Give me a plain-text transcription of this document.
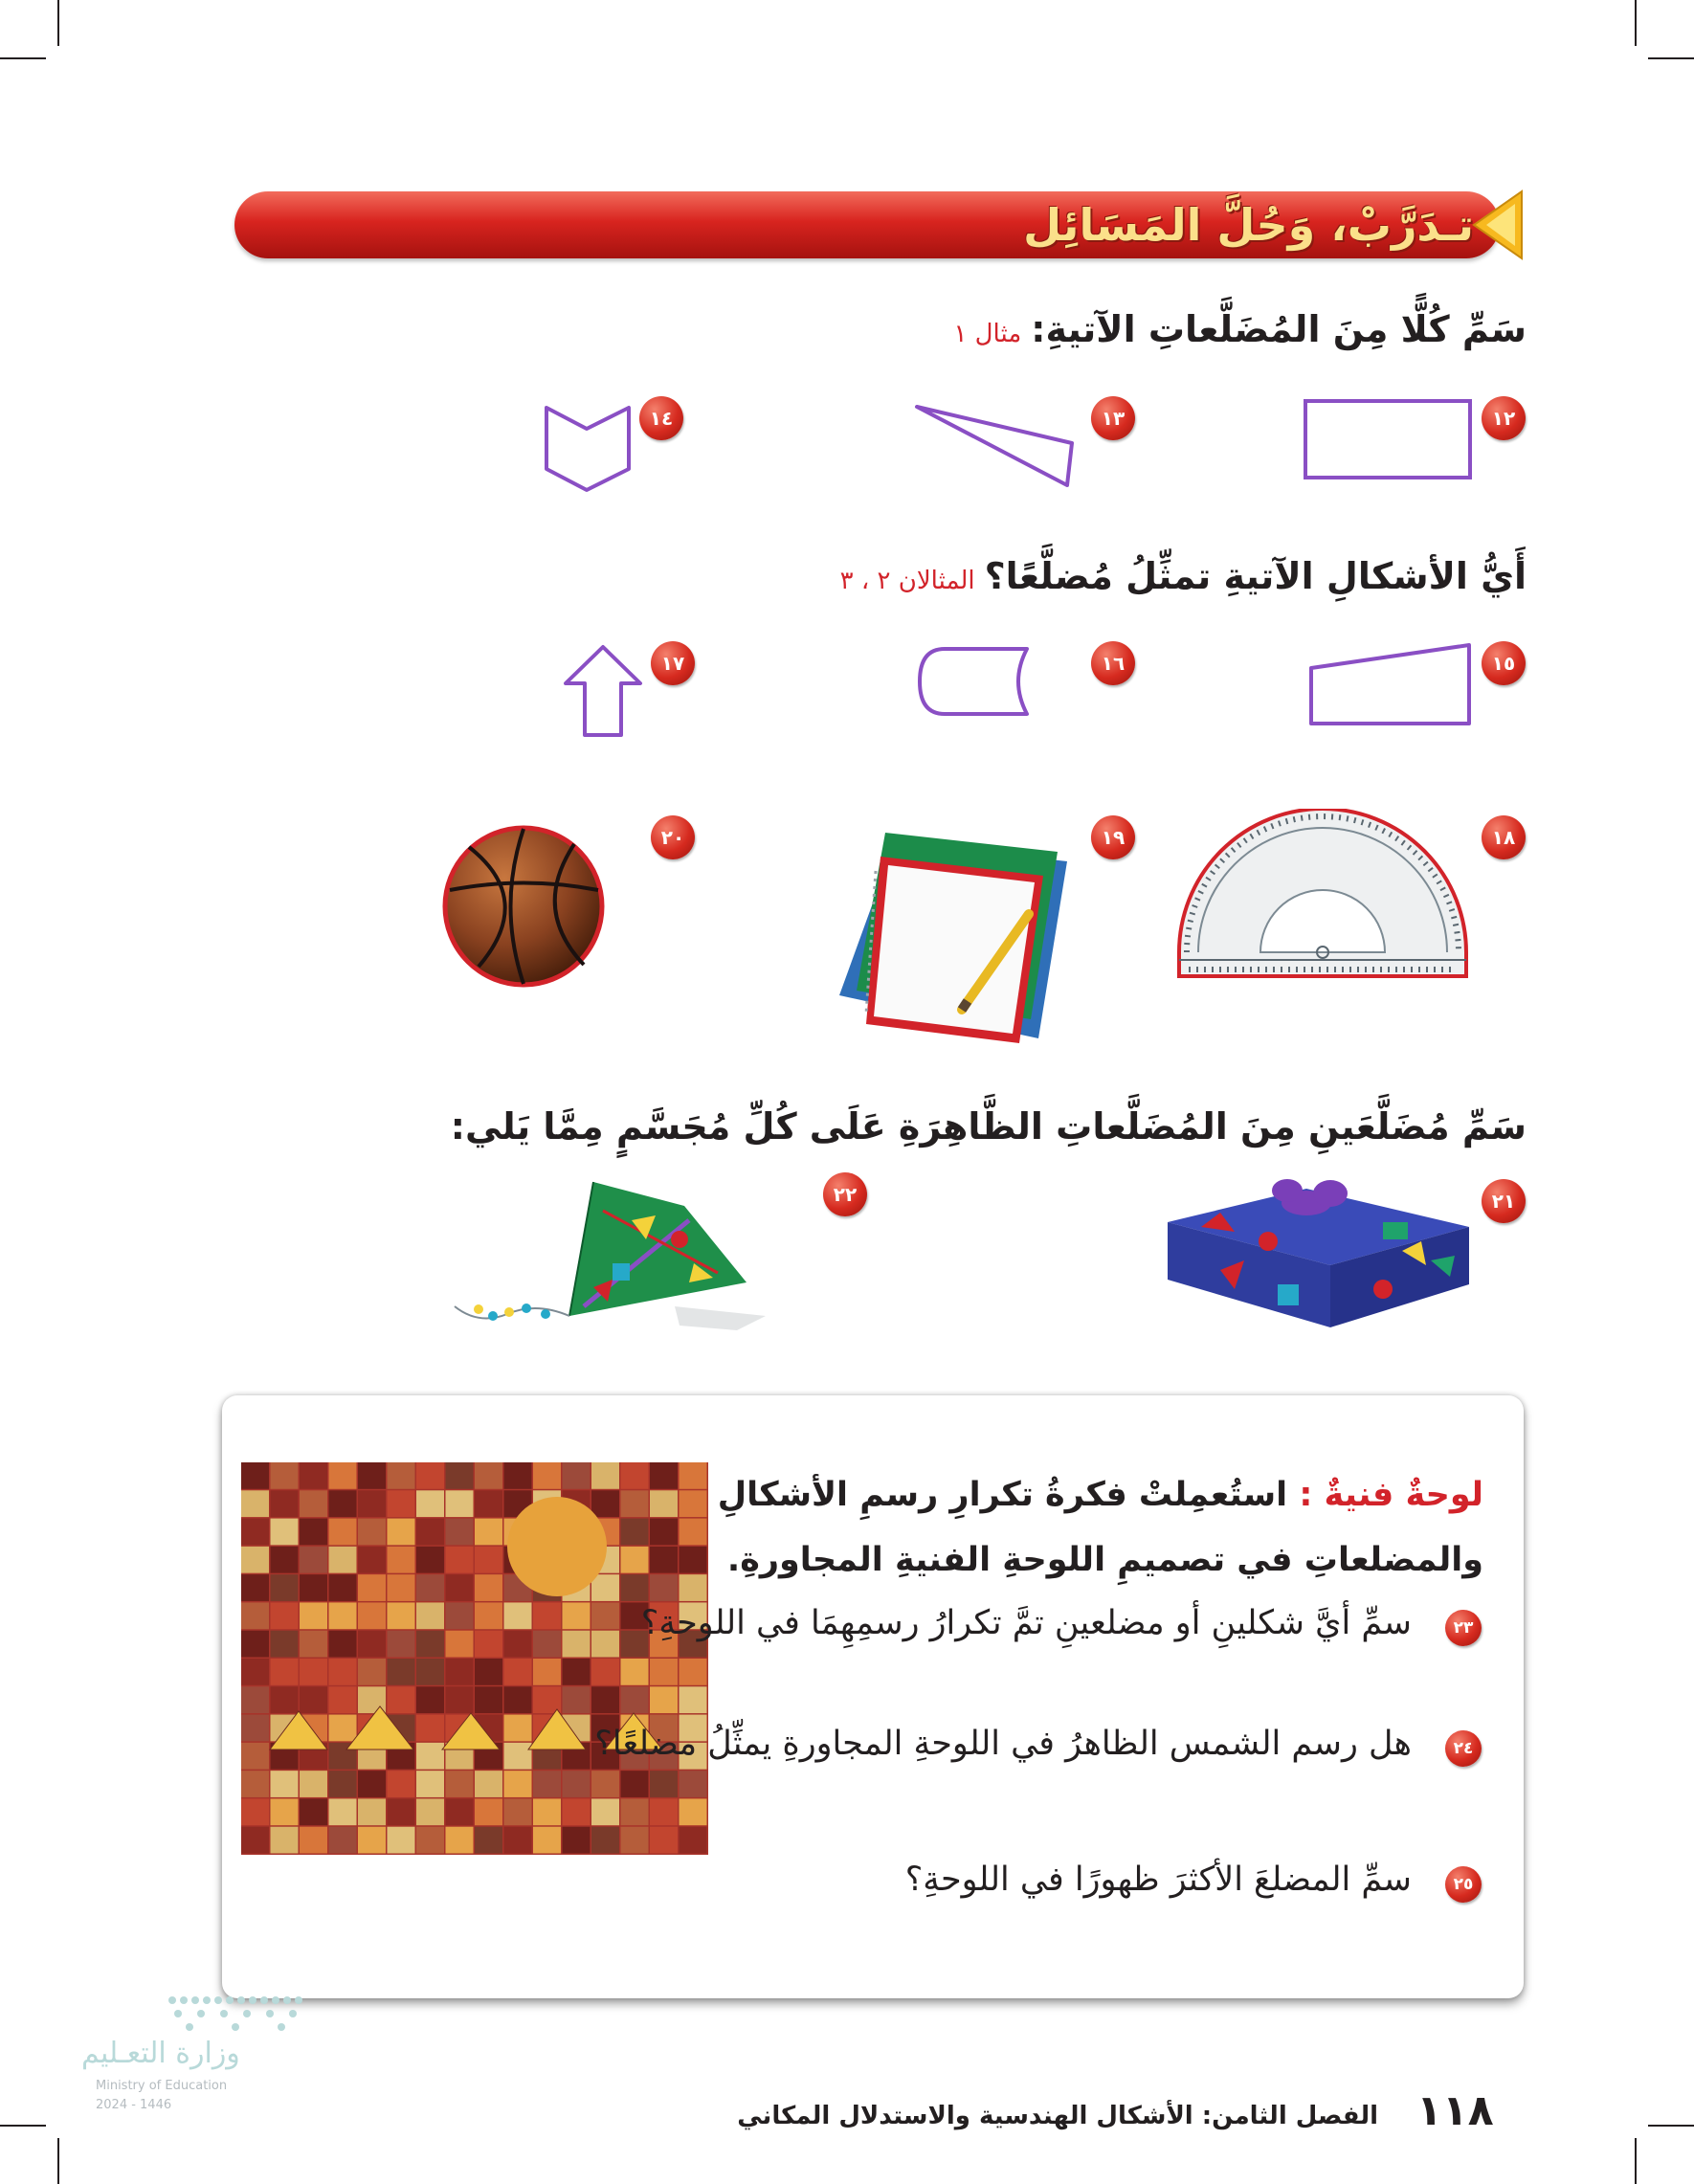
تـدَرَّبْ، وَحُلَّ المَسَائِل
سَمِّ كُلًّا مِنَ المُضَلَّعاتِ الآتيةِ:مثال ١
١٢
١٣
١٤
أَيُّ الأشكالِ الآتيةِ تمثِّلُ مُضلَّعًا؟المثالان ٢ ، ٣
١٥
١٦
١٧
١٨
١٩
٢٠
سَمِّ مُضَلَّعَينِ مِنَ المُضَلَّعاتِ الظَّاهِرَةِ عَلَى كُلِّ مُجَسَّمٍ مِمَّا يَلي:
٢١
٢٢
لوحةٌ فنيةٌ : استُعمِلتْ فكرةُ تكرارِ رسمِ الأشكالِ
والمضلعاتِ في تصميمِ اللوحةِ الفنيةِ المجاورةِ.
٢٣
سمِّ أيَّ شكلينِ أو مضلعينِ تمَّ تكرارُ رسمِهِمَا في اللوحةِ؟
٢٤
هل رسم الشمس الظاهرُ في اللوحةِ المجاورةِ يمثِّلُ مضلعًا؟
٢٥
سمِّ المضلعَ الأكثرَ ظهورًا في اللوحةِ؟
١١٨
الفصل الثامن: الأشكال الهندسية والاستدلال المكاني
وزارة التعـليم
Ministry of Education
2024 - 1446
